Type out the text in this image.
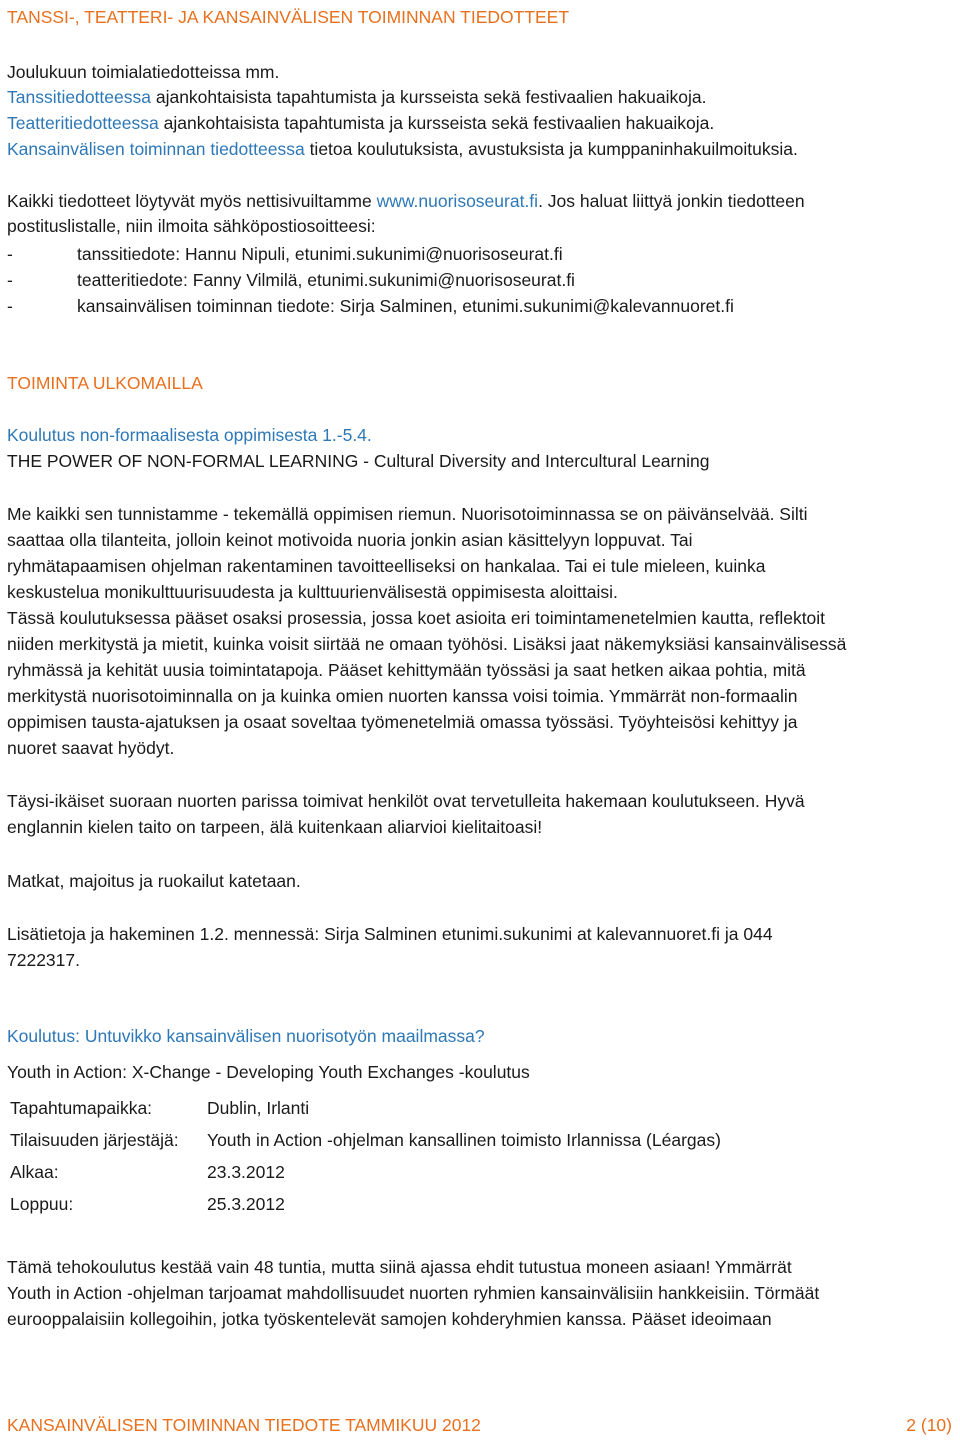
TANSSI-, TEATTERI- JA KANSAINVÄLISEN TOIMINNAN TIEDOTTEET
Joulukuun toimialatiedotteissa mm.
Tanssitiedotteessa ajankohtaisista tapahtumista ja kursseista sekä festivaalien hakuaikoja.
Teatteritiedotteessa ajankohtaisista tapahtumista ja kursseista sekä festivaalien hakuaikoja.
Kansainvälisen toiminnan tiedotteessa tietoa koulutuksista, avustuksista ja kumppaninhakuilmoituksia.
Kaikki tiedotteet löytyvät myös nettisivuiltamme www.nuorisoseurat.fi. Jos haluat liittyä jonkin tiedotteen
postituslistalle, niin ilmoita sähköpostiosoitteesi:
-	tanssitiedote: Hannu Nipuli, etunimi.sukunimi@nuorisoseurat.fi
-	teatteritiedote: Fanny Vilmilä, etunimi.sukunimi@nuorisoseurat.fi
-	kansainvälisen toiminnan tiedote: Sirja Salminen, etunimi.sukunimi@kalevannuoret.fi
TOIMINTA ULKOMAILLA
Koulutus non-formaalisesta oppimisesta 1.-5.4.
THE POWER OF NON-FORMAL LEARNING - Cultural Diversity and Intercultural Learning
Me kaikki sen tunnistamme - tekemällä oppimisen riemun. Nuorisotoiminnassa se on päivänselvää. Silti
saattaa olla tilanteita, jolloin keinot motivoida nuoria jonkin asian käsittelyyn loppuvat. Tai
ryhmätapaamisen ohjelman rakentaminen tavoitteelliseksi on hankalaa. Tai ei tule mieleen, kuinka
keskustelua monikulttuurisuudesta ja kulttuurienvälisestä oppimisesta aloittaisi.
Tässä koulutuksessa pääset osaksi prosessia, jossa koet asioita eri toimintamenetelmien kautta, reflektoit
niiden merkitystä ja mietit, kuinka voisit siirtää ne omaan työhösi. Lisäksi jaat näkemyksiäsi kansainvälisessä
ryhmässä ja kehität uusia toimintatapoja. Pääset kehittymään työssäsi ja saat hetken aikaa pohtia, mitä
merkitystä nuorisotoiminnalla on ja kuinka omien nuorten kanssa voisi toimia. Ymmärrät non-formaalin
oppimisen tausta-ajatuksen ja osaat soveltaa työmenetelmiä omassa työssäsi. Työyhteisösi kehittyy ja
nuoret saavat hyödyt.
Täysi-ikäiset suoraan nuorten parissa toimivat henkilöt ovat tervetulleita hakemaan koulutukseen. Hyvä
englannin kielen taito on tarpeen, älä kuitenkaan aliarvioi kielitaitoasi!
Matkat, majoitus ja ruokailut katetaan.
Lisätietoja ja hakeminen 1.2. mennessä: Sirja Salminen etunimi.sukunimi at kalevannuoret.fi ja 044
7222317.
Koulutus: Untuvikko kansainvälisen nuorisotyön maailmassa?
Youth in Action: X-Change - Developing Youth Exchanges -koulutus
Tapahtumapaikka:	Dublin, Irlanti
Tilaisuuden järjestäjä: Youth in Action -ohjelman kansallinen toimisto Irlannissa (Léargas)
Alkaa:	23.3.2012
Loppuu:	25.3.2012
Tämä tehokoulutus kestää vain 48 tuntia, mutta siinä ajassa ehdit tutustua moneen asiaan! Ymmärrät
Youth in Action -ohjelman tarjoamat mahdollisuudet nuorten ryhmien kansainvälisiin hankkeisiin. Törmäät
eurooppalaisiin kollegoihin, jotka työskentelevät samojen kohderyhmien kanssa. Pääset ideoimaan
KANSAINVÄLISEN TOIMINNAN TIEDOTE TAMMIKUU 2012	2 (10)
